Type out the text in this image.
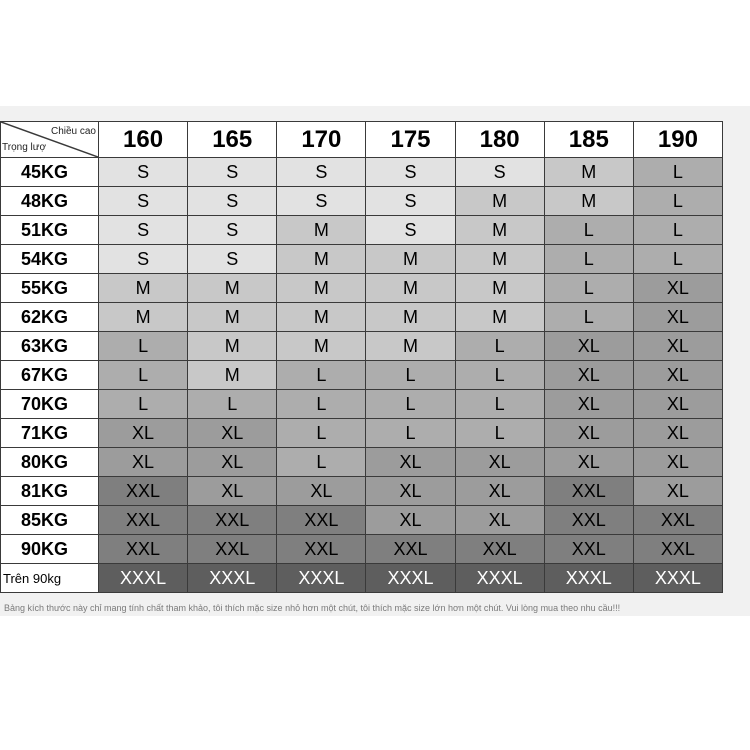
Chiều cao
Trọng lượ	160	165	170	175	180	185	190
45KG	S	S	S	S	S	M	L
48KG	S	S	S	S	M	M	L
51KG	S	S	M	S	M	L	L
54KG	S	S	M	M	M	L	L
55KG	M	M	M	M	M	L	XL
62KG	M	M	M	M	M	L	XL
63KG	L	M	M	M	L	XL	XL
67KG	L	M	L	L	L	XL	XL
70KG	L	L	L	L	L	XL	XL
71KG	XL	XL	L	L	L	XL	XL
80KG	XL	XL	L	XL	XL	XL	XL
81KG	XXL	XL	XL	XL	XL	XXL	XL
85KG	XXL	XXL	XXL	XL	XL	XXL	XXL
90KG	XXL	XXL	XXL	XXL	XXL	XXL	XXL
Trên 90kg	XXXL	XXXL	XXXL	XXXL	XXXL	XXXL	XXXL
Bảng kích thước này chỉ mang tính chất tham khảo, tôi thích mặc size nhỏ hơn một chút, tôi thích mặc size lớn hơn một chút. Vui lòng mua theo nhu cầu!!!
